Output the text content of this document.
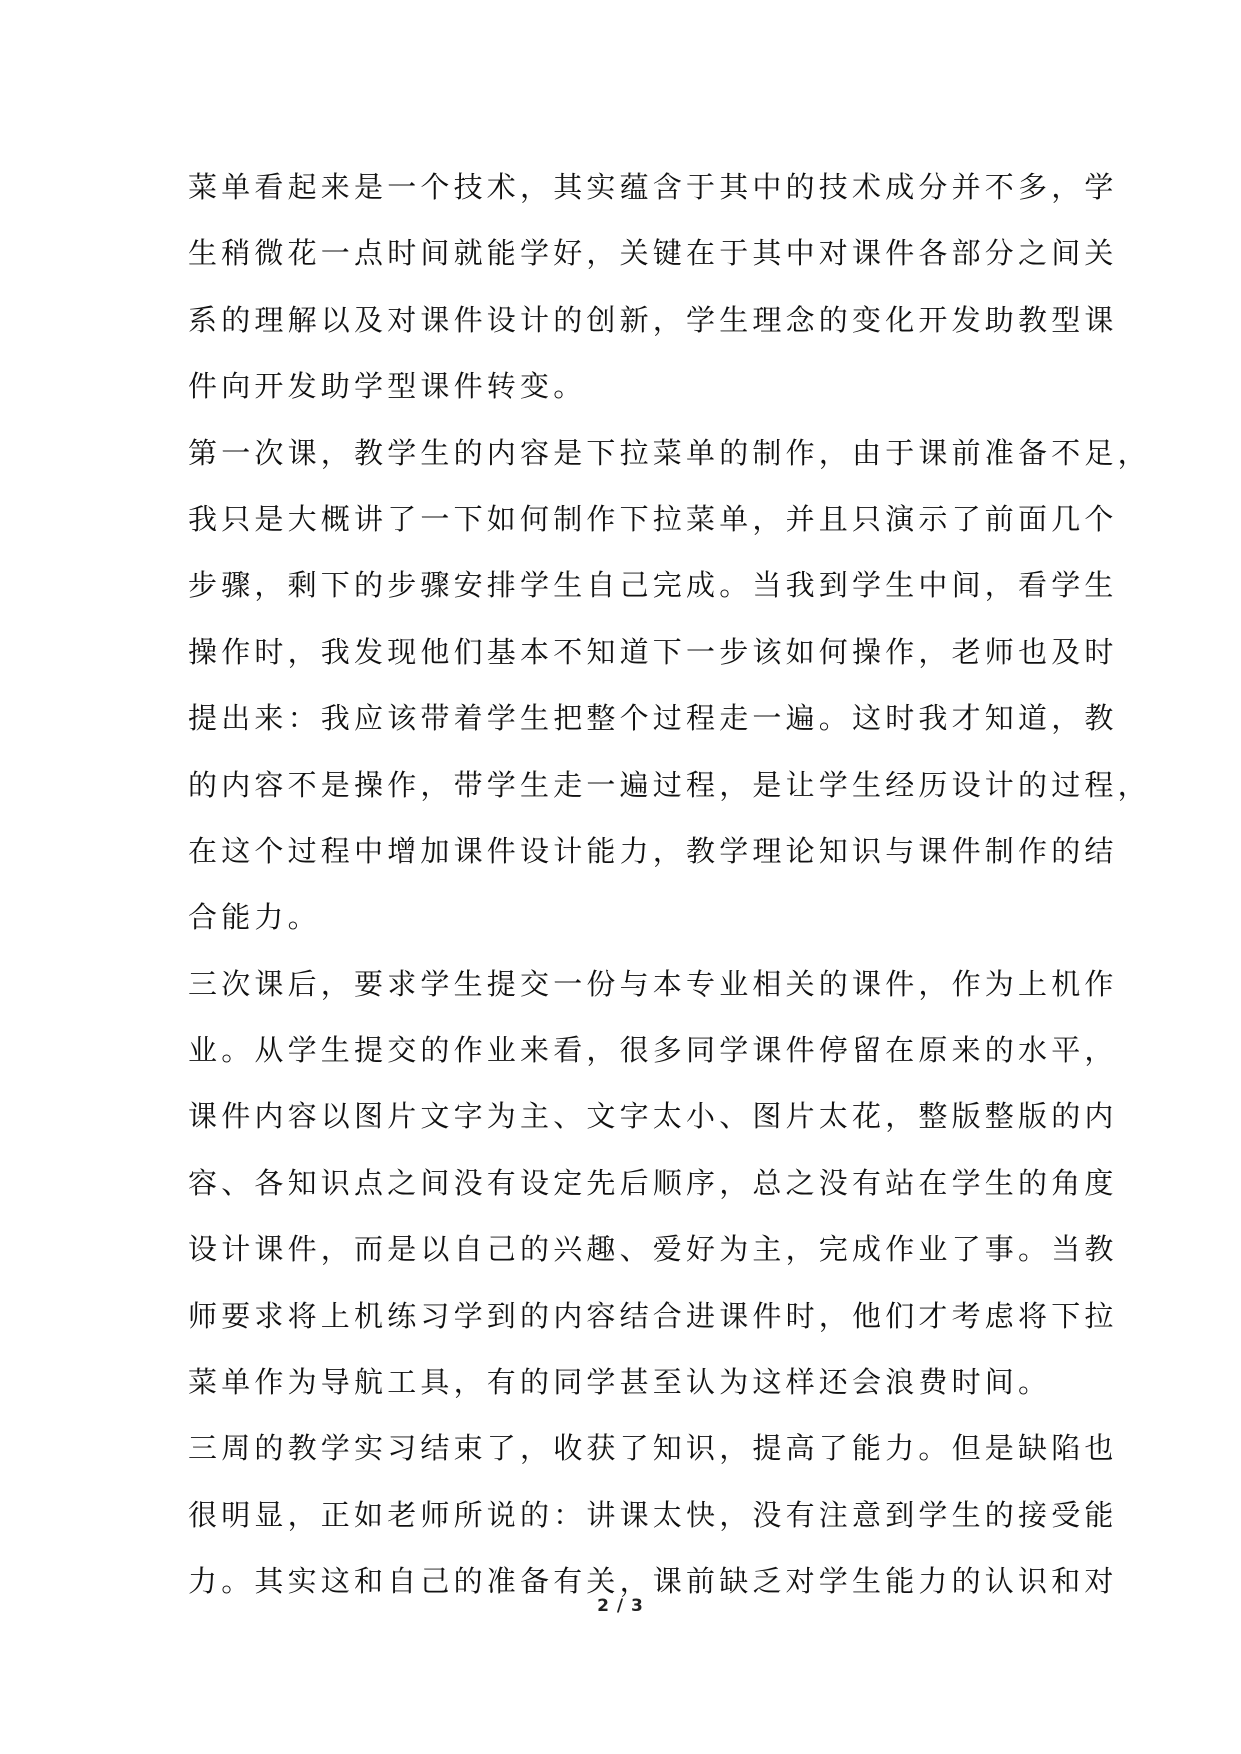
菜单看起来是一个技术，其实蕴含于其中的技术成分并不多，学
生稍微花一点时间就能学好，关键在于其中对课件各部分之间关
系的理解以及对课件设计的创新，学生理念的变化开发助教型课
件向开发助学型课件转变。
第一次课，教学生的内容是下拉菜单的制作，由于课前准备不足，
我只是大概讲了一下如何制作下拉菜单，并且只演示了前面几个
步骤，剩下的步骤安排学生自己完成。当我到学生中间，看学生
操作时，我发现他们基本不知道下一步该如何操作，老师也及时
提出来：我应该带着学生把整个过程走一遍。这时我才知道，教
的内容不是操作，带学生走一遍过程，是让学生经历设计的过程，
在这个过程中增加课件设计能力，教学理论知识与课件制作的结
合能力。
三次课后，要求学生提交一份与本专业相关的课件，作为上机作
业。从学生提交的作业来看，很多同学课件停留在原来的水平，
课件内容以图片文字为主、文字太小、图片太花，整版整版的内
容、各知识点之间没有设定先后顺序，总之没有站在学生的角度
设计课件，而是以自己的兴趣、爱好为主，完成作业了事。当教
师要求将上机练习学到的内容结合进课件时，他们才考虑将下拉
菜单作为导航工具，有的同学甚至认为这样还会浪费时间。
三周的教学实习结束了，收获了知识，提高了能力。但是缺陷也
很明显，正如老师所说的：讲课太快，没有注意到学生的接受能
力。其实这和自己的准备有关，课前缺乏对学生能力的认识和对
2 / 3
